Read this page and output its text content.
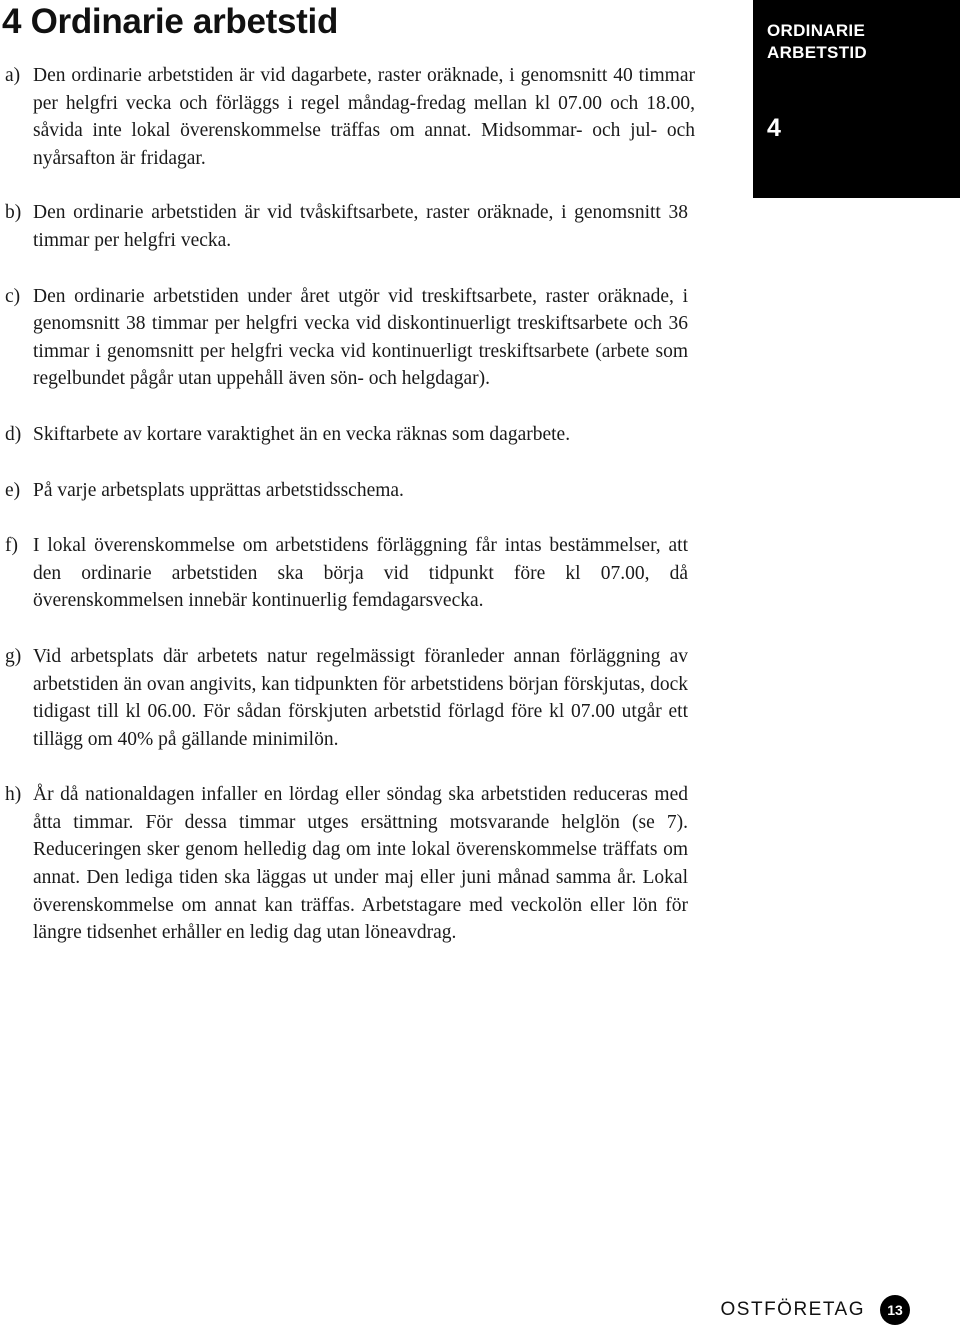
4 Ordinarie arbetstid	ORDINARIE ARBETSTID
4
a) Den ordinarie arbetstiden är vid dagarbete, raster oräknade, i genomsnitt 40 timmar per helgfri vecka och förläggs i regel måndag-fredag mellan kl 07.00 och 18.00, såvida inte lokal överenskommelse träffas om annat. Midsommar- och jul- och nyårsafton är fridagar.
b) Den ordinarie arbetstiden är vid tvåskiftsarbete, raster oräknade, i genomsnitt 38 timmar per helgfri vecka.
c) Den ordinarie arbetstiden under året utgör vid treskiftsarbete, raster oräknade, i genomsnitt 38 timmar per helgfri vecka vid diskontinuerligt treskiftsarbete och 36 timmar i genomsnitt per helgfri vecka vid kontinuerligt treskiftsarbete (arbete som regelbundet pågår utan uppehåll även sön- och helgdagar).
d) Skiftarbete av kortare varaktighet än en vecka räknas som dagarbete.
e) På varje arbetsplats upprättas arbetstidsschema.
f) I lokal överenskommelse om arbetstidens förläggning får intas bestämmelser, att den ordinarie arbetstiden ska börja vid tidpunkt före kl 07.00, då överenskommelsen innebär kontinuerlig femdagarsvecka.
g) Vid arbetsplats där arbetets natur regelmässigt föranleder annan förläggning av arbetstiden än ovan angivits, kan tidpunkten för arbetstidens början förskjutas, dock tidigast till kl 06.00. För sådan förskjuten arbetstid förlagd före kl 07.00 utgår ett tillägg om 40% på gällande minimilön.
h) År då nationaldagen infaller en lördag eller söndag ska arbetstiden reduceras med åtta timmar. För dessa timmar utges ersättning motsvarande helglön (se 7). Reduceringen sker genom helledig dag om inte lokal överenskommelse träffats om annat. Den lediga tiden ska läggas ut under maj eller juni månad samma år. Lokal överenskommelse om annat kan träffas. Arbetstagare med veckolön eller lön för längre tidsenhet erhåller en ledig dag utan löneavdrag.
OSTFÖRETAG	13
